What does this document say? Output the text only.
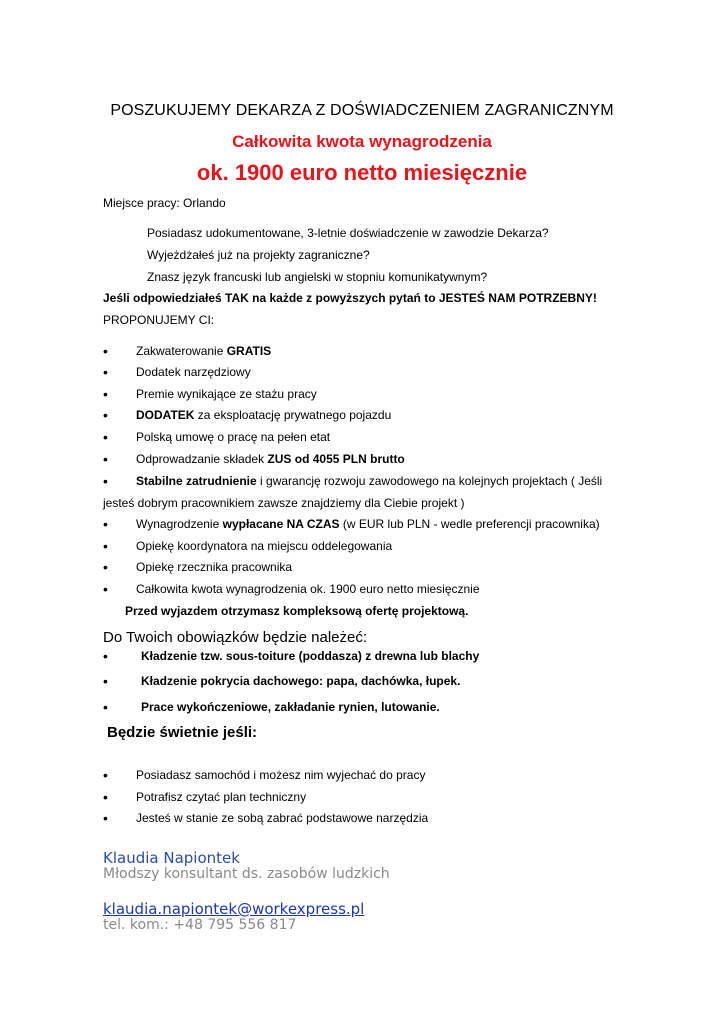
POSZUKUJEMY DEKARZA Z DOŚWIADCZENIEM ZAGRANICZNYM
Całkowita kwota wynagrodzenia
ok. 1900 euro netto miesięcznie
Miejsce pracy: Orlando
Posiadasz udokumentowane, 3-letnie doświadczenie w zawodzie Dekarza?
Wyjeżdżałeś już na projekty zagraniczne?
Znasz język francuski lub angielski w stopniu komunikatywnym?
Jeśli odpowiedziałeś TAK na każde z powyższych pytań to JESTEŚ NAM POTRZEBNY!
PROPONUJEMY CI:
• Zakwaterowanie GRATIS
• Dodatek narzędziowy
• Premie wynikające ze stażu pracy
• DODATEK za eksploatację prywatnego pojazdu
• Polską umowę o pracę na pełen etat
• Odprowadzanie składek ZUS od 4055 PLN brutto
• Stabilne zatrudnienie i gwarancję rozwoju zawodowego na kolejnych projektach ( Jeśli
jesteś dobrym pracownikiem zawsze znajdziemy dla Ciebie projekt )
• Wynagrodzenie wypłacane NA CZAS (w EUR lub PLN - wedle preferencji pracownika)
• Opiekę koordynatora na miejscu oddelegowania
• Opiekę rzecznika pracownika
• Całkowita kwota wynagrodzenia ok. 1900 euro netto miesięcznie
Przed wyjazdem otrzymasz kompleksową ofertę projektową.
Do Twoich obowiązków będzie należeć:
•	Kładzenie tzw. sous-toiture (poddasza) z drewna lub blachy
•	Kładzenie pokrycia dachowego: papa, dachówka, łupek.
•	Prace wykończeniowe, zakładanie rynien, lutowanie.
Będzie świetnie jeśli:
• Posiadasz samochód i możesz nim wyjechać do pracy
• Potrafisz czytać plan techniczny
• Jesteś w stanie ze sobą zabrać podstawowe narzędzia
Klaudia Napiontek
Młodszy konsultant ds. zasobów ludzkich
klaudia.napiontek@workexpress.pl
tel. kom.: +48 795 556 817
